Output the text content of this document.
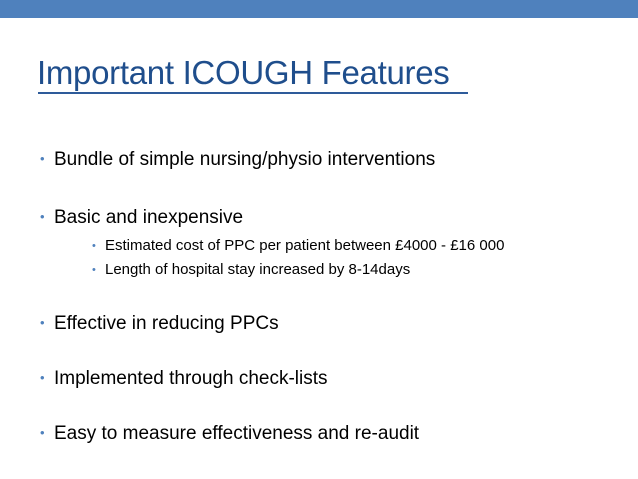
Important ICOUGH Features
• Bundle of simple nursing/physio interventions
• Basic and inexpensive
• Estimated cost of PPC per patient between £4000 - £16 000
• Length of hospital stay increased by 8-14days
• Effective in reducing PPCs
• Implemented through check-lists
• Easy to measure effectiveness and re-audit
